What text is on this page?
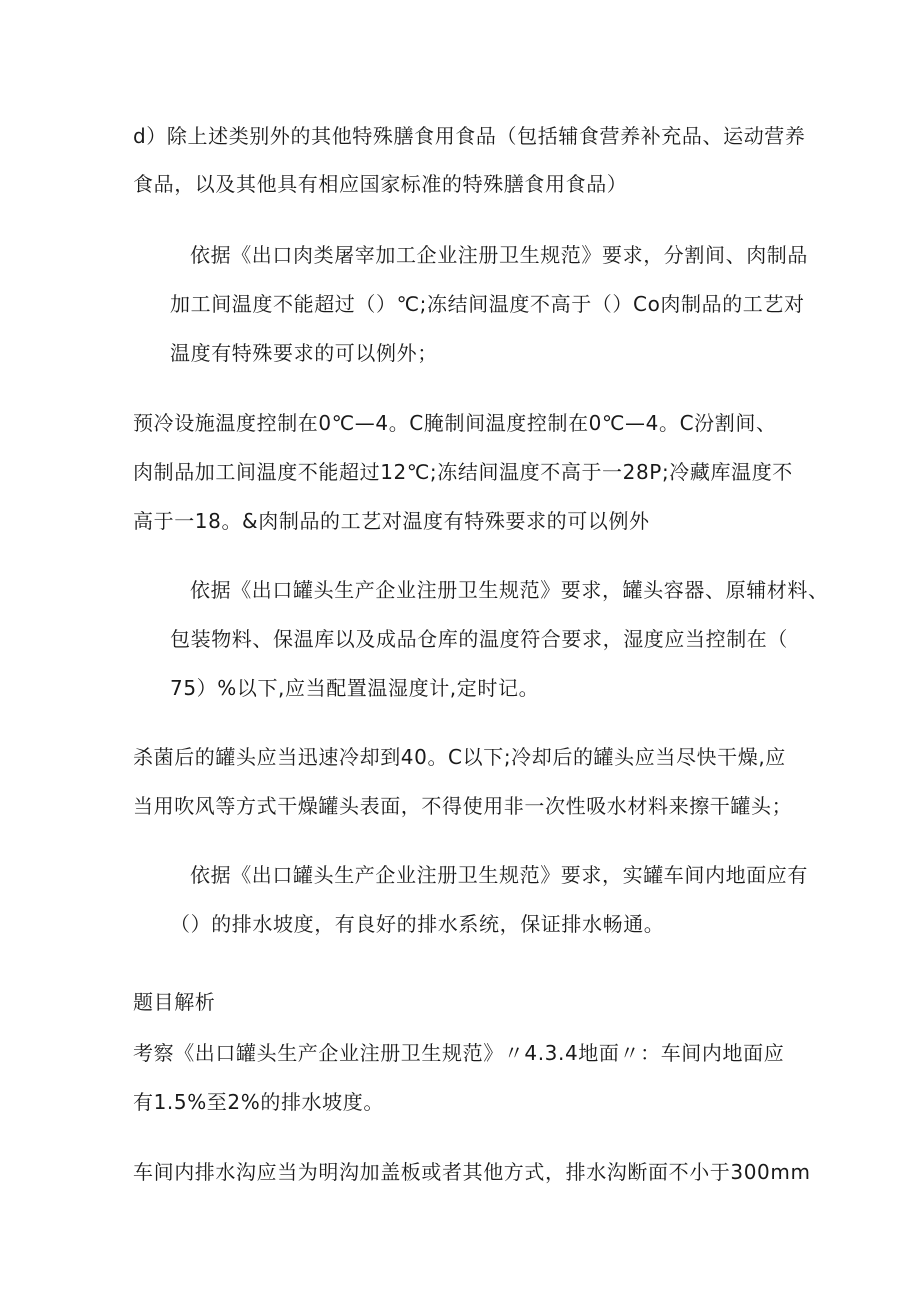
d）除上述类别外的其他特殊膳食用食品（包括辅食营养补充品、运动营养
食品，以及其他具有相应国家标准的特殊膳食用食品）
依据《出口肉类屠宰加工企业注册卫生规范》要求，分割间、肉制品
加工间温度不能超过（）℃;冻结间温度不高于（）Co肉制品的工艺对
温度有特殊要求的可以例外；
预冷设施温度控制在0℃—4。C腌制间温度控制在0℃—4。C汾割间、
肉制品加工间温度不能超过12℃;冻结间温度不高于一28P;冷藏库温度不
高于一18。&肉制品的工艺对温度有特殊要求的可以例外
依据《出口罐头生产企业注册卫生规范》要求，罐头容器、原辅材料、
包装物料、保温库以及成品仓库的温度符合要求，湿度应当控制在（
75）%以下,应当配置温湿度计,定时记。
杀菌后的罐头应当迅速冷却到40。C以下;冷却后的罐头应当尽快干燥,应
当用吹风等方式干燥罐头表面，不得使用非一次性吸水材料来擦干罐头；
依据《出口罐头生产企业注册卫生规范》要求，实罐车间内地面应有
（）的排水坡度，有良好的排水系统，保证排水畅通。
题目解析
考察《出口罐头生产企业注册卫生规范》〃4.3.4地面〃：车间内地面应
有1.5%至2%的排水坡度。
车间内排水沟应当为明沟加盖板或者其他方式，排水沟断面不小于300mm
